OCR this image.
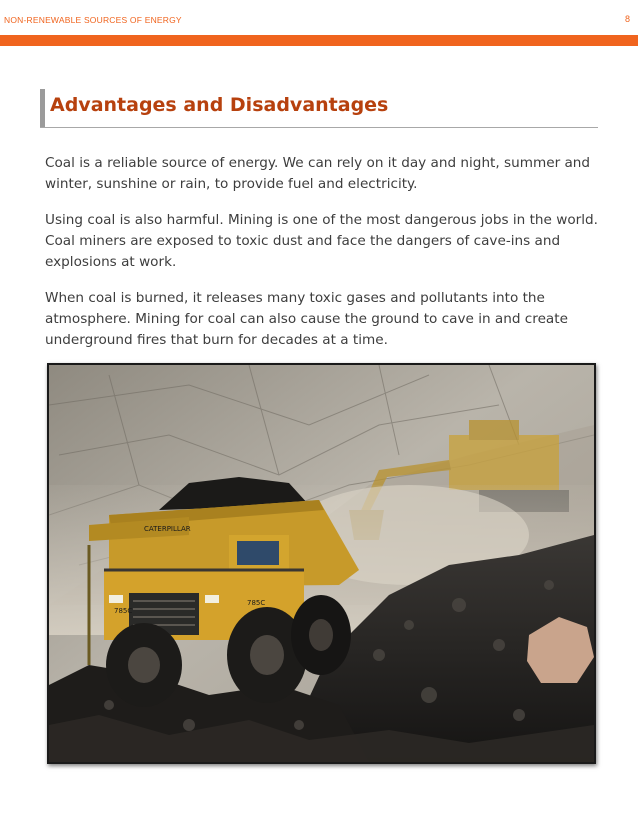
NON-RENEWABLE SOURCES OF ENERGY	8
Advantages and Disadvantages

Coal is a reliable source of energy. We can rely on it day and night, summer and winter, sunshine or rain, to provide fuel and electricity.

Using coal is also harmful. Mining is one of the most dangerous jobs in the world. Coal miners are exposed to toxic dust and face the dangers of cave-ins and explosions at work.

When coal is burned, it releases many toxic gases and pollutants into the atmosphere. Mining for coal can also cause the ground to cave in and create underground fires that burn for decades at a time.

CATERPILLAR
785C
785C
